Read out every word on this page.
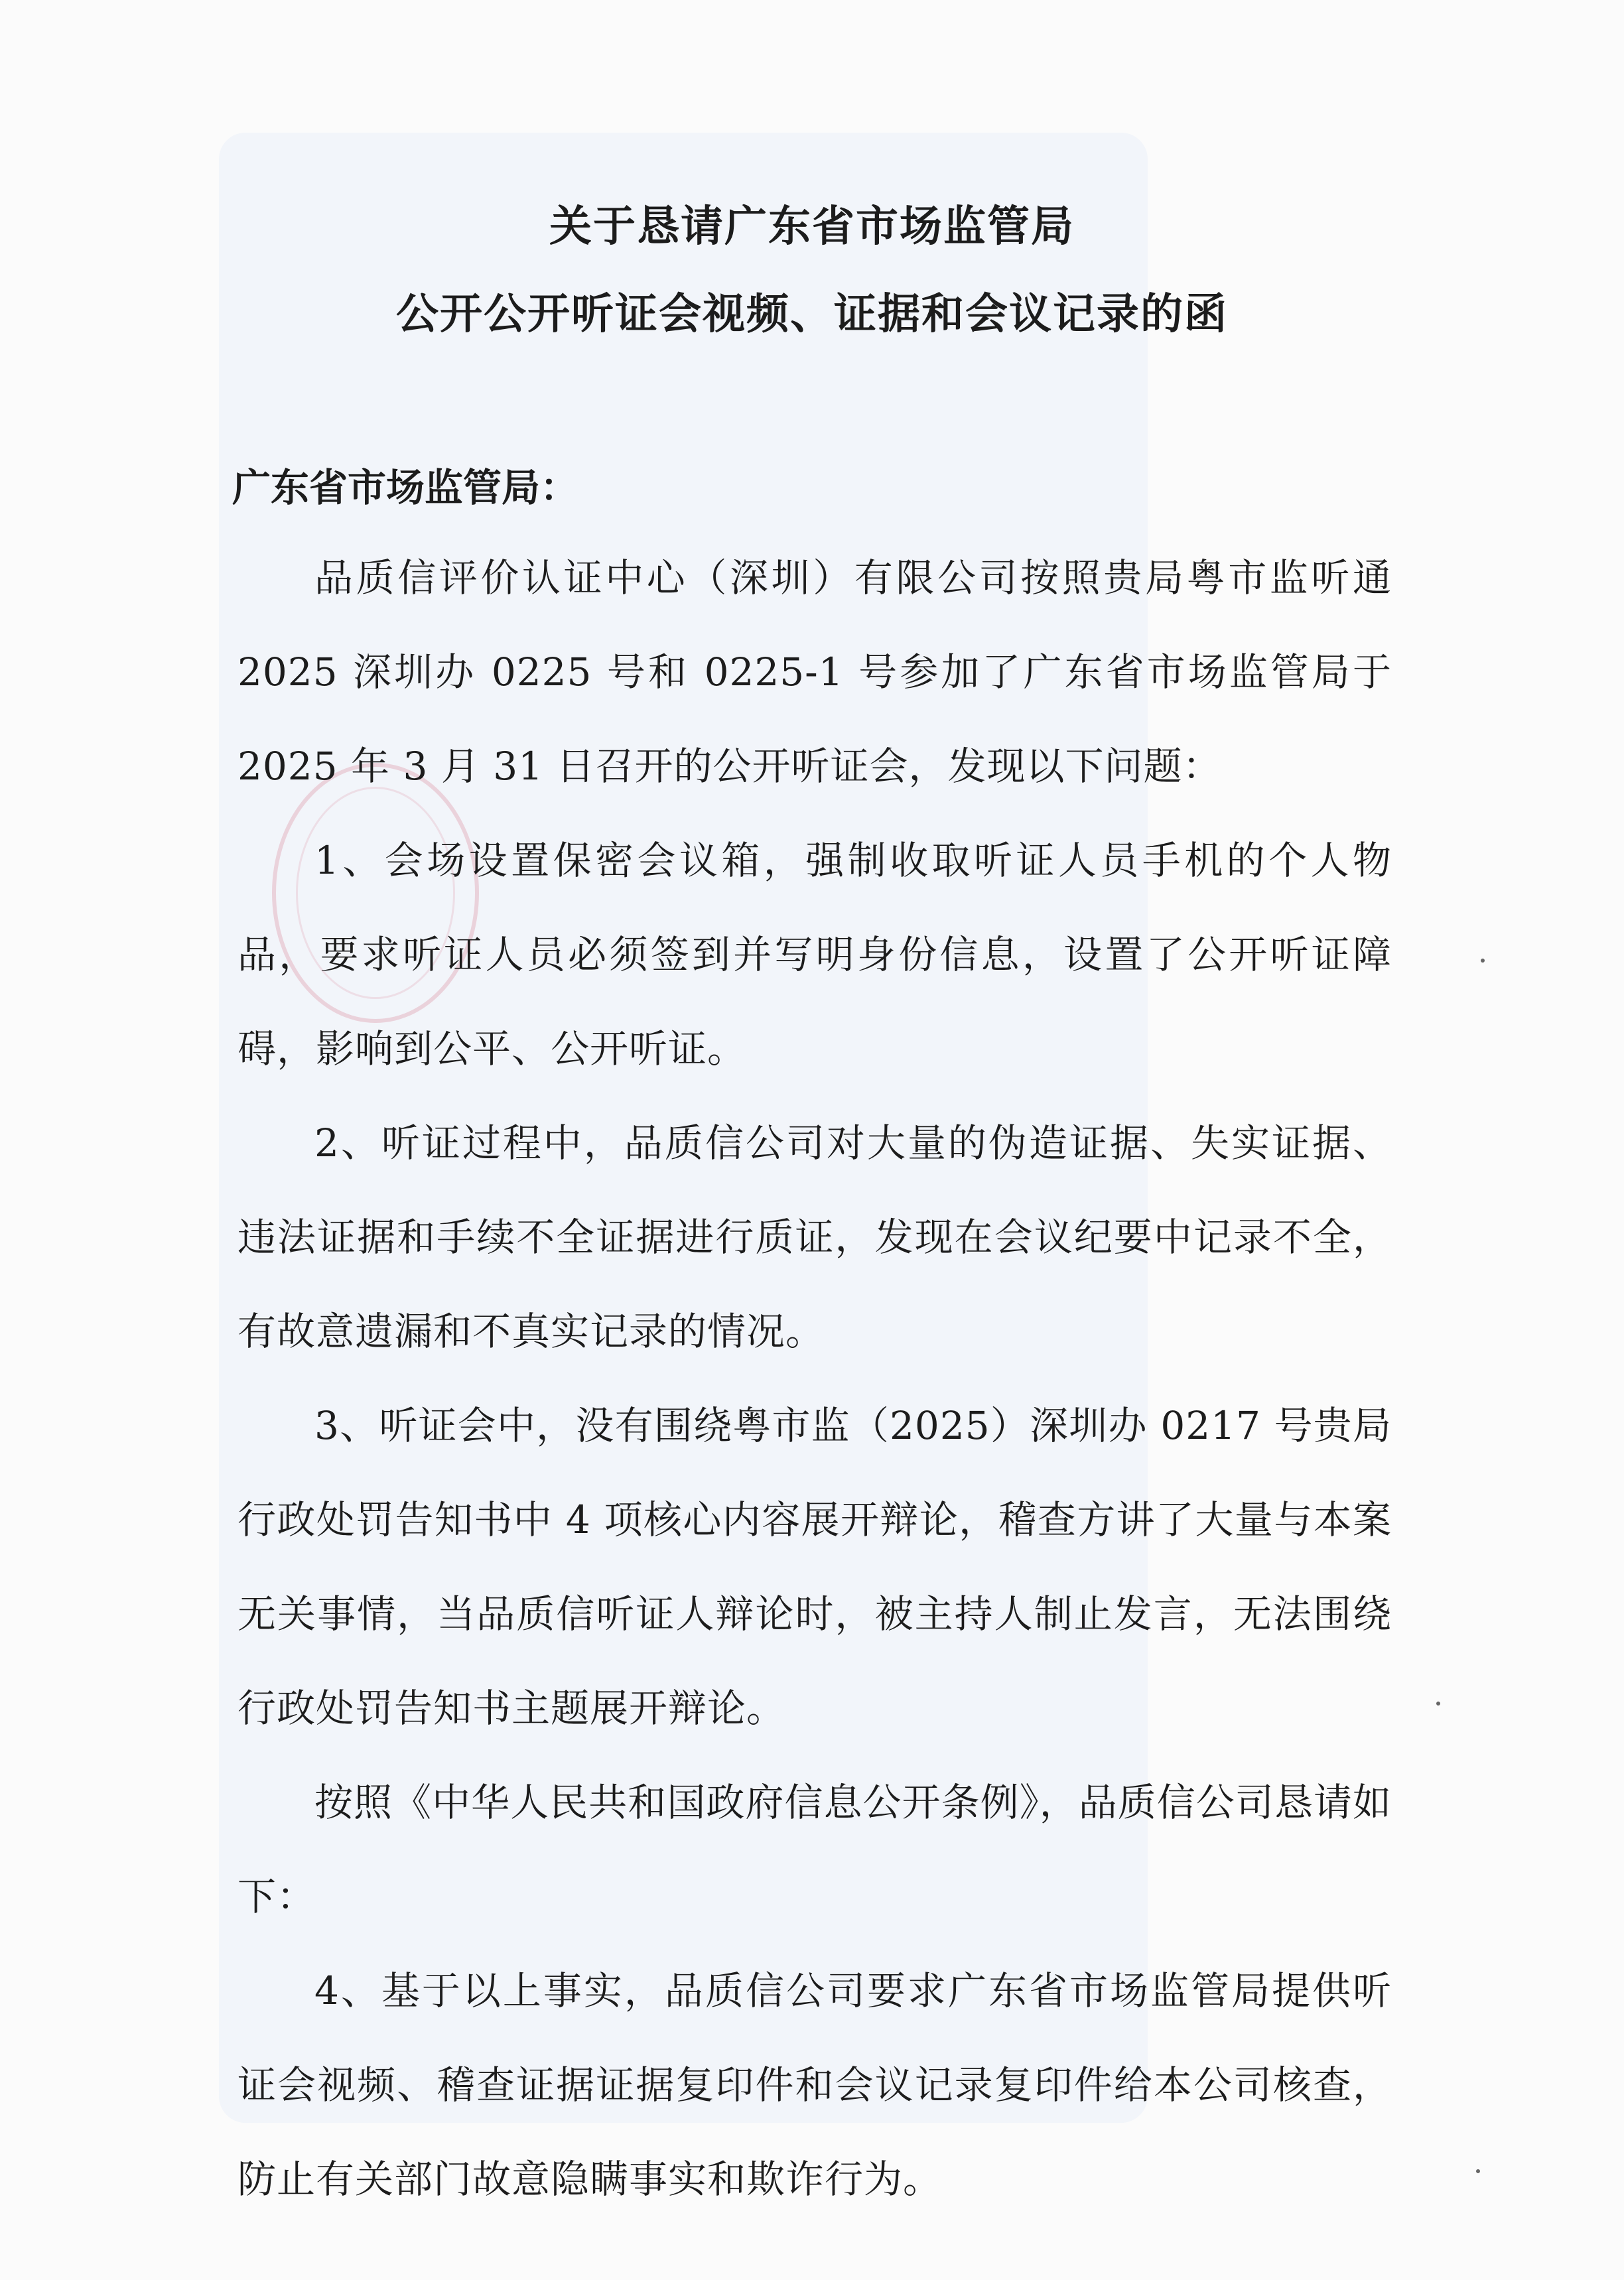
关于恳请广东省市场监管局
公开公开听证会视频、证据和会议记录的函

广东省市场监管局：

品质信评价认证中心（深圳）有限公司按照贵局粤市监听通 2025 深圳办 0225 号和 0225-1 号参加了广东省市场监管局于 2025 年 3 月 31 日召开的公开听证会，发现以下问题：

1、会场设置保密会议箱，强制收取听证人员手机的个人物品，要求听证人员必须签到并写明身份信息，设置了公开听证障碍，影响到公平、公开听证。

2、听证过程中，品质信公司对大量的伪造证据、失实证据、违法证据和手续不全证据进行质证，发现在会议纪要中记录不全，有故意遗漏和不真实记录的情况。

3、听证会中，没有围绕粤市监（2025）深圳办 0217 号贵局行政处罚告知书中 4 项核心内容展开辩论，稽查方讲了大量与本案无关事情，当品质信听证人辩论时，被主持人制止发言，无法围绕行政处罚告知书主题展开辩论。

按照《中华人民共和国政府信息公开条例》，品质信公司恳请如下：

4、基于以上事实，品质信公司要求广东省市场监管局提供听证会视频、稽查证据证据复印件和会议记录复印件给本公司核查，防止有关部门故意隐瞒事实和欺诈行为。
